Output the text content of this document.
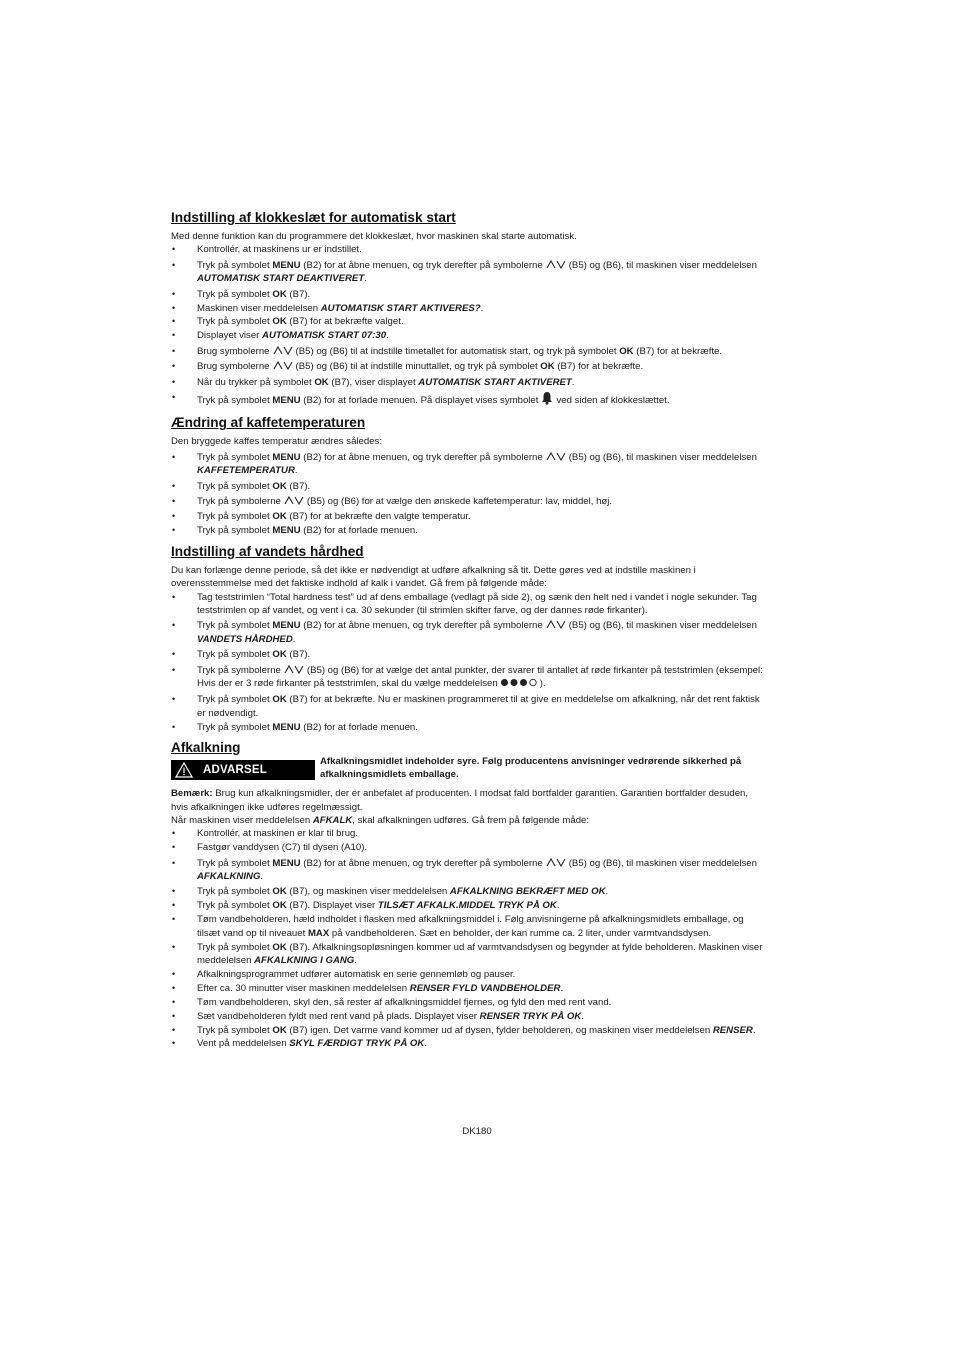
Indstilling af klokkeslæt for automatisk start

Med denne funktion kan du programmere det klokkeslæt, hvor maskinen skal starte automatisk.

• Kontrollér, at maskinens ur er indstillet.
• Tryk på symbolet MENU (B2) for at åbne menuen, og tryk derefter på symbolerne	(B5) og (B6), til maskinen viser meddelelsen AUTOMATISK START DEAKTIVERET.
• Tryk på symbolet OK (B7).
• Maskinen viser meddelelsen AUTOMATISK START AKTIVERES?.
• Tryk på symbolet OK (B7) for at bekræfte valget.
• Displayet viser AUTOMATISK START 07:30.
• Brug symbolerne	(B5) og (B6) til at indstille timetallet for automatisk start, og tryk på symbolet OK (B7) for at bekræfte.
• Brug symbolerne	(B5) og (B6) til at indstille minuttallet, og tryk på symbolet OK (B7) for at bekræfte.
• Når du trykker på symbolet OK (B7), viser displayet AUTOMATISK START AKTIVERET.
• Tryk på symbolet MENU (B2) for at forlade menuen. På displayet vises symbolet ved siden af klokkeslættet.
Ændring af kaffetemperaturen

Den bryggede kaffes temperatur ændres således:

• Tryk på symbolet MENU (B2) for at åbne menuen, og tryk derefter på symbolerne	(B5) og (B6), til maskinen viser meddelelsen KAFFETEMPERATUR.
• Tryk på symbolet OK (B7).
• Tryk på symbolerne	(B5) og (B6) for at vælge den ønskede kaffetemperatur: lav, middel, høj.
• Tryk på symbolet OK (B7) for at bekræfte den valgte temperatur.
• Tryk på symbolet MENU (B2) for at forlade menuen.
Indstilling af vandets hårdhed

Du kan forlænge denne periode, så det ikke er nødvendigt at udføre afkalkning så tit. Dette gøres ved at indstille maskinen i overensstemmelse med det faktiske indhold af kalk i vandet. Gå frem på følgende måde:

• Tag teststrimlen “Total hardness test” ud af dens emballage (vedlagt på side 2), og sænk den helt ned i vandet i nogle sekunder. Tag teststrimlen op af vandet, og vent i ca. 30 sekunder (til strimlen skifter farve, og der dannes røde firkanter).
• Tryk på symbolet MENU (B2) for at åbne menuen, og tryk derefter på symbolerne	(B5) og (B6), til maskinen viser meddelelsen VANDETS HÅRDHED.
• Tryk på symbolet OK (B7).
• Tryk på symbolerne	(B5) og (B6) for at vælge det antal punkter, der svarer til antallet af røde firkanter på teststrimlen (eksempel: Hvis der er 3 røde firkanter på teststrimlen, skal du vælge meddelelsen	).
• Tryk på symbolet OK (B7) for at bekræfte. Nu er maskinen programmeret til at give en meddelelse om afkalkning, når det rent faktisk er nødvendigt.
• Tryk på symbolet MENU (B2) for at forlade menuen.
Afkalkning
ADVARSEL
Afkalkningsmidlet indeholder syre. Følg producentens anvisninger vedrørende sikkerhed på afkalkningsmidlets emballage.

Bemærk: Brug kun afkalkningsmidler, der er anbefalet af producenten. I modsat fald bortfalder garantien. Garantien bortfalder desuden, hvis afkalkningen ikke udføres regelmæssigt.

Når maskinen viser meddelelsen AFKALK, skal afkalkningen udføres. Gå frem på følgende måde:

• Kontrollér, at maskinen er klar til brug.
• Fastgør vanddysen (C7) til dysen (A10).
• Tryk på symbolet MENU (B2) for at åbne menuen, og tryk derefter på symbolerne	(B5) og (B6), til maskinen viser meddelelsen AFKALKNING.
• Tryk på symbolet OK (B7), og maskinen viser meddelelsen AFKALKNING BEKRÆFT MED OK.
• Tryk på symbolet OK (B7). Displayet viser TILSÆT AFKALK.MIDDEL TRYK PÅ OK.
• Tøm vandbeholderen, hæld indholdet i flasken med afkalkningsmiddel i. Følg anvisningerne på afkalkningsmidlets emballage, og tilsæt vand op til niveauet MAX på vandbeholderen. Sæt en beholder, der kan rumme ca. 2 liter, under varmtvandsdysen.
• Tryk på symbolet OK (B7). Afkalkningsopløsningen kommer ud af varmtvandsdysen og begynder at fylde beholderen. Maskinen viser meddelelsen AFKALKNING I GANG.
• Afkalkningsprogrammet udfører automatisk en serie gennemløb og pauser.
• Efter ca. 30 minutter viser maskinen meddelelsen RENSER FYLD VANDBEHOLDER.
• Tøm vandbeholderen, skyl den, så rester af afkalkningsmiddel fjernes, og fyld den med rent vand.
• Sæt vandbeholderen fyldt med rent vand på plads. Displayet viser RENSER TRYK PÅ OK.
• Tryk på symbolet OK (B7) igen. Det varme vand kommer ud af dysen, fylder beholderen, og maskinen viser meddelelsen RENSER.
• Vent på meddelelsen SKYL FÆRDIGT TRYK PÅ OK.
DK180
